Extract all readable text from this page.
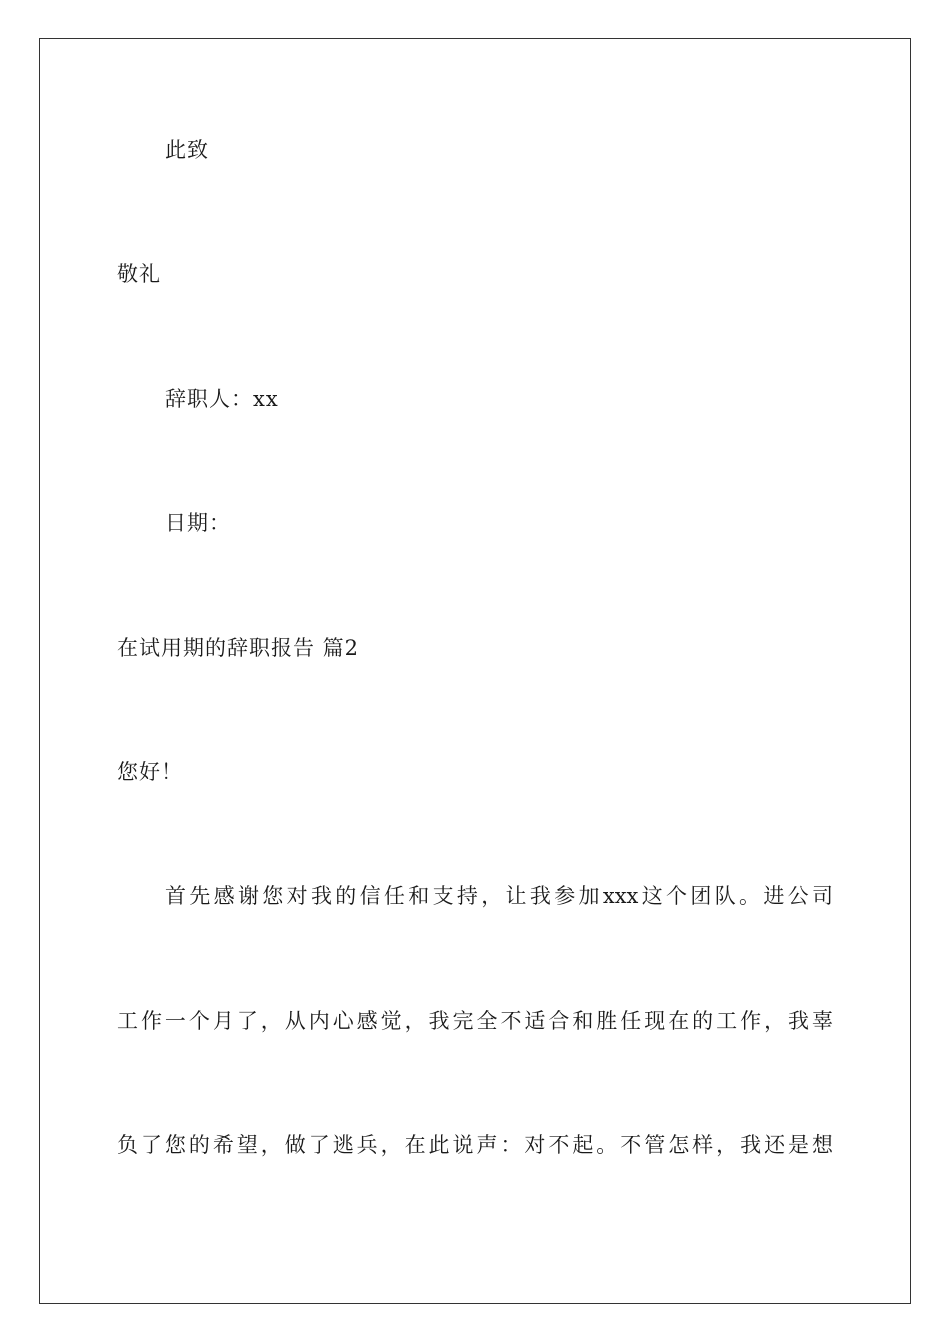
此致
敬礼
辞职人：xx
日期：
在试用期的辞职报告 篇2
您好！
首先感谢您对我的信任和支持，让我参加xxx这个团队。进公司
工作一个月了，从内心感觉，我完全不适合和胜任现在的工作，我辜
负了您的希望，做了逃兵，在此说声：对不起。不管怎样，我还是想
